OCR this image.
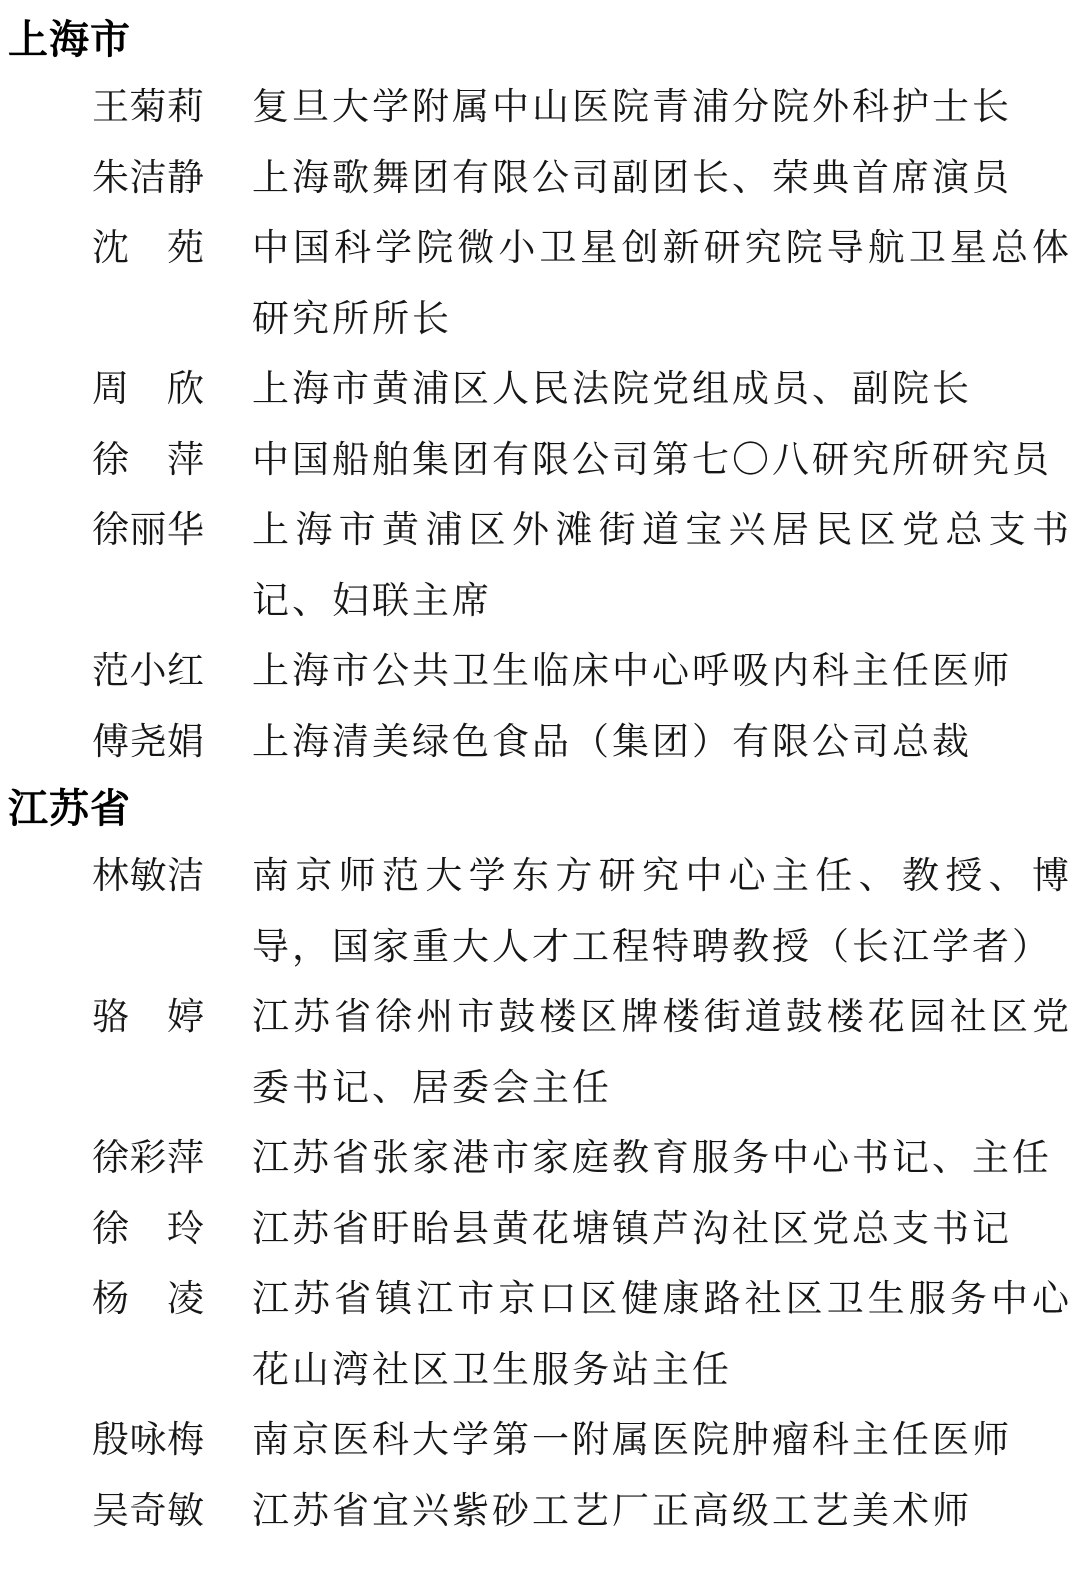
上海市
王 菊 莉 复旦大学附属中山医院青浦分院外科护士长
朱 洁 静 上海歌舞团有限公司副团长、荣典首席演员
沈 苑 中国科学院微小卫星创新研究院导航卫星总体
研究所所长
周 欣 上海市黄浦区人民法院党组成员、副院长
徐 萍 中国船舶集团有限公司第七〇八研究所研究员
徐 丽 华 上海市黄浦区外滩街道宝兴居民区党总支书
记、妇联主席
范 小 红 上海市公共卫生临床中心呼吸内科主任医师
傅 尧 娟 上海清美绿色食品（集团）有限公司总裁
江苏省
林 敏 洁 南京师范大学东方研究中心主任、教授、博
导，国家重大人才工程特聘教授（长江学者）
骆 婷 江苏省徐州市鼓楼区牌楼街道鼓楼花园社区党
委书记、居委会主任
徐 彩 萍 江苏省张家港市家庭教育服务中心书记、主任
徐 玲 江苏省盱眙县黄花塘镇芦沟社区党总支书记
杨 凌 江苏省镇江市京口区健康路社区卫生服务中心
花山湾社区卫生服务站主任
殷 咏 梅 南京医科大学第一附属医院肿瘤科主任医师
吴 奇 敏 江苏省宜兴紫砂工艺厂正高级工艺美术师
